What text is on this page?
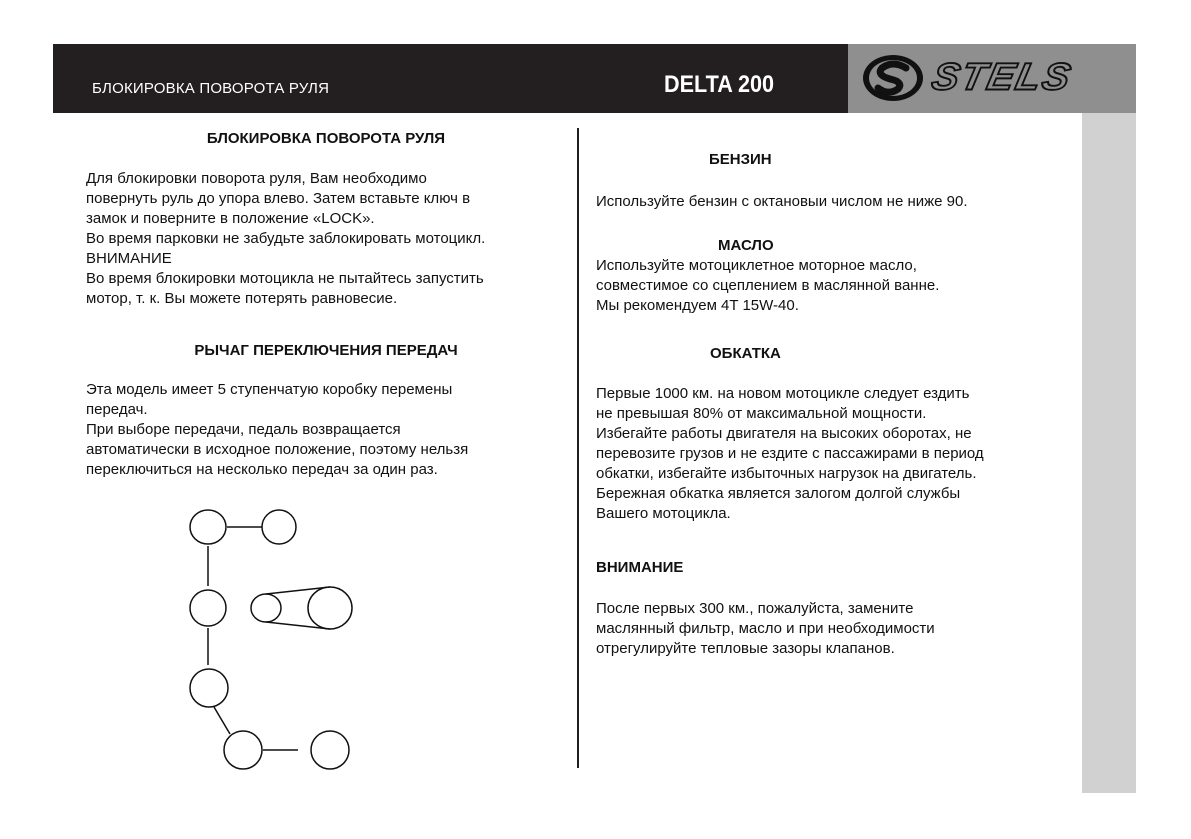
БЛОКИРОВКА ПОВОРОТА РУЛЯ	DELTA 200	STELS
БЛОКИРОВКА ПОВОРОТА РУЛЯ

Для блокировки поворота руля, Вам необходимо
повернуть руль до упора влево. Затем вставьте ключ в
замок и поверните в положение «LOCK».
Во время парковки не забудьте заблокировать мотоцикл.
ВНИМАНИЕ
Во время блокировки мотоцикла не пытайтесь запустить
мотор, т. к. Вы можете потерять равновесие.

РЫЧАГ ПЕРЕКЛЮЧЕНИЯ ПЕРЕДАЧ

Эта модель имеет 5 ступенчатую коробку перемены
передач.
При выборе передачи, педаль возвращается
автоматически в исходное положение, поэтому нельзя
переключиться на несколько передач за один раз.

БЕНЗИН

Используйте бензин с октановыи числом не ниже 90.

МАСЛО

Используйте мотоциклетное моторное масло,
совместимое со сцеплением в маслянной ванне.
Мы рекомендуем 4T 15W-40.

ОБКАТКА

Первые 1000 км. на новом мотоцикле следует ездить
не превышая 80% от максимальной мощности.
Избегайте работы двигателя на высоких оборотах, не
перевозите грузов и не ездите с пассажирами в период
обкатки, избегайте избыточных нагрузок на двигатель.
Бережная обкатка является залогом долгой службы
Вашего мотоцикла.

ВНИМАНИЕ

После первых 300 км., пожалуйста, замените
маслянный фильтр, масло и при необходимости
отрегулируйте тепловые зазоры клапанов.
